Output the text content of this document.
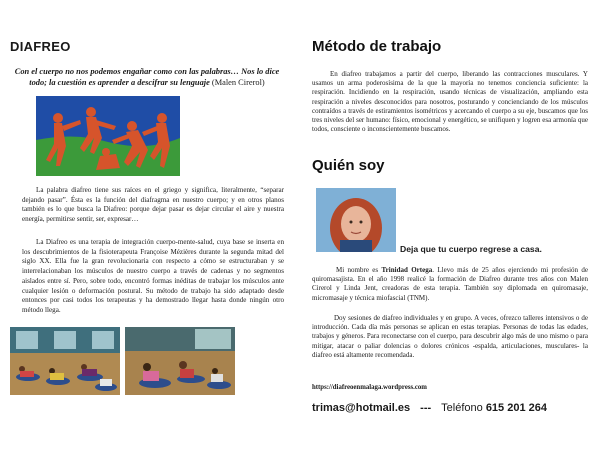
DIAFREO
Con el cuerpo no nos podemos engañar como con las palabras… Nos lo dice todo; la cuestión es aprender a descifrar su lenguaje (Malen Cirerol)
La palabra diafreo tiene sus raíces en el griego y significa, literalmente, “separar dejando pasar”. Ésta es la función del diafragma en nuestro cuerpo; y en otros planos también es lo que busca la Diafreo: porque dejar pasar es dejar circular el aire y nuestra energía, permitirse sentir, ser, expresar…
La Diafreo es una terapia de integración cuerpo-mente-salud, cuya base se inserta en los descubrimientos de la fisioterapeuta Françoise Mézières durante la segunda mitad del siglo XX. Ella fue la gran revolucionaria con respecto a cómo se estructuraban y se interrelacionaban los músculos de nuestro cuerpo a través de cadenas y no segmentos aislados entre sí. Pero, sobre todo, encontró formas inéditas de trabajar los músculos ante cualquier lesión o deformación postural. Su método de trabajo ha sido adaptado desde entonces por casi todos los terapeutas y ha demostrado llegar hasta donde ningún otro método llega.
Método de trabajo
En diafreo trabajamos a partir del cuerpo, liberando las contracciones musculares. Y usamos un arma poderosísima de la que la mayoría no tenemos conciencia suficiente: la respiración. Incidiendo en la respiración, usando técnicas de visualización, ampliando esta respiración a niveles desconocidos para nosotros, posturando y concienciando de los músculos contraídos a través de estiramientos isométricos y acercando el cuerpo a su eje, buscamos que los tres niveles del ser humano: físico, emocional y energético, se unifiquen y logren esa armonía que todos, consciente o inconscientemente buscamos.
Quién soy
Deja que tu cuerpo regrese a casa.
Mi nombre es Trinidad Ortega. Llevo más de 25 años ejerciendo mi profesión de quiromasajista. En el año 1998 realicé la formación de Diafreo durante tres años con Malen Cirerol y Linda Jent, creadoras de esta terapia. También soy diplomada en quiromasaje, micromasaje y técnica miofascial (TNM).
Doy sesiones de diafreo individuales y en grupo. A veces, ofrezco talleres intensivos o de introducción. Cada día más personas se aplican en estas terapias. Personas de todas las edades, trabajos y géneros. Para reconectarse con el cuerpo, para descubrir algo más de uno mismo o para mitigar, atacar o paliar dolencias o dolores crónicos -espalda, articulaciones, musculares- la diafreo está altamente recomendada.
https://diafreoenmalaga.wordpress.com
trimas@hotmail.es --- Teléfono 615 201 264
